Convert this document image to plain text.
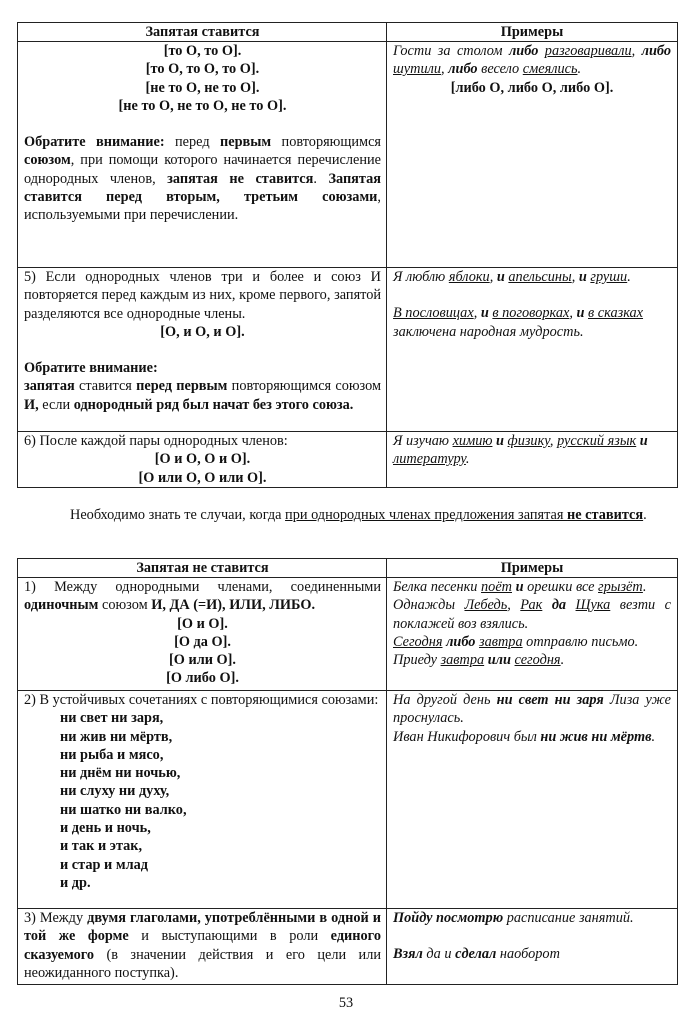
Запятая ставится	Примеры
[то О, то О].
[то О, то О, то О].
[не то О, не то О].
[не то О, не то О, не то О].
Обратите внимание: перед первым повторяющимся союзом, при помощи которого начинается перечисление однородных членов, запятая не ставится. Запятая ставится перед вторым, третьим союзами, используемыми при перечислении.
Гости за столом либо разговаривали, либо шутили, либо весело смеялись.
[либо О, либо О, либо О].
5) Если однородных членов три и более и союз И повторяется перед каждым из них, кроме первого, запятой разделяются все однородные члены.
[О, и О, и О].
Обратите внимание:
запятая ставится перед первым повторяющимся союзом И, если однородный ряд был начат без этого союза.
Я люблю яблоки, и апельсины, и груши.
В пословицах, и в поговорках, и в сказках заключена народная мудрость.
6) После каждой пары однородных членов:
[О и О, О и О].
[О или О, О или О].
Я изучаю химию и физику, русский язык и литературу.
Необходимо знать те случаи, когда при однородных членах предложения запятая не ставится.
Запятая не ставится	Примеры
1) Между однородными членами, соединенными одиночным союзом И, ДА (=И), ИЛИ, ЛИБО.
[О и О].
[О да О].
[О или О].
[О либо О].
Белка песенки поёт и орешки все грызёт.
Однажды Лебедь, Рак да Щука везти с поклажей воз взялись.
Сегодня либо завтра отправлю письмо.
Приеду завтра или сегодня.
2) В устойчивых сочетаниях с повторяющимися союзами:
ни свет ни заря,
ни жив ни мёртв,
ни рыба и мясо,
ни днём ни ночью,
ни слуху ни духу,
ни шатко ни валко,
и день и ночь,
и так и этак,
и стар и млад
и др.
На другой день ни свет ни заря Лиза уже проснулась.
Иван Никифорович был ни жив ни мёртв.
3) Между двумя глаголами, употреблёнными в одной и той же форме и выступающими в роли единого сказуемого (в значении действия и его цели или неожиданного поступка).
Пойду посмотрю расписание занятий.
Взял да и сделал наоборот
53
